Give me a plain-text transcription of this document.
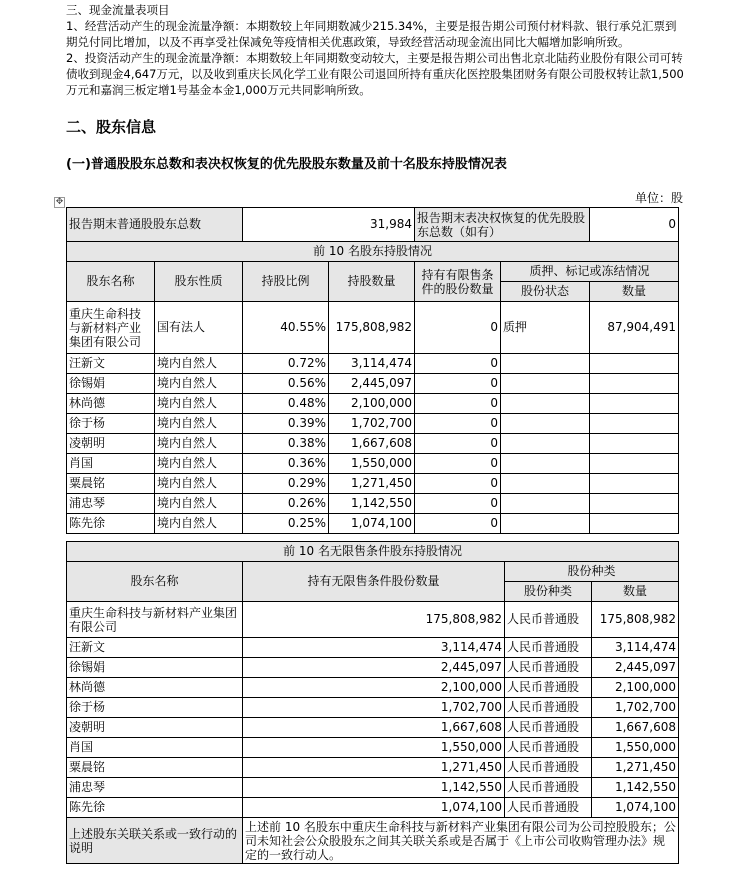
三、现金流量表项目

1、经营活动产生的现金流量净额：本期数较上年同期数减少215.34%，主要是报告期公司预付材料款、银行承兑汇票到期兑付同比增加，以及不再享受社保减免等疫情相关优惠政策，导致经营活动现金流出同比大幅增加影响所致。

2、投资活动产生的现金流量净额：本期数较上年同期数变动较大，主要是报告期公司出售北京北陆药业股份有限公司可转债收到现金4,647万元，以及收到重庆长风化学工业有限公司退回所持有重庆化医控股集团财务有限公司股权转让款1,500万元和嘉润三板定增1号基金本金1,000万元共同影响所致。

二、股东信息
(一)普通股股东总数和表决权恢复的优先股股东数量及前十名股东持股情况表
单位：股
✥
报告期末普通股股东总数		31,984		报告期末表决权恢复的优先股股东总数（如有）		0
前 10 名股东持股情况						
股东名称	股东性质	持股比例	持股数量	持有有限售条件的股份数量	质押、标记或冻结情况	
					股份状态	数量
重庆生命科技与新材料产业集团有限公司	国有法人	40.55%	175,808,982	0	质押	87,904,491
汪新文	境内自然人	0.72%	3,114,474	0		
徐锡娟	境内自然人	0.56%	2,445,097	0		
林尚德	境内自然人	0.48%	2,100,000	0		
徐于杨	境内自然人	0.39%	1,702,700	0		
凌朝明	境内自然人	0.38%	1,667,608	0		
肖国	境内自然人	0.36%	1,550,000	0		
粟晨铭	境内自然人	0.29%	1,271,450	0		
浦忠琴	境内自然人	0.26%	1,142,550	0		
陈先徐	境内自然人	0.25%	1,074,100	0		
前 10 名无限售条件股东持股情况			
股东名称	持有无限售条件股份数量	股份种类	
		股份种类	数量
重庆生命科技与新材料产业集团有限公司	175,808,982	人民币普通股	175,808,982
汪新文	3,114,474	人民币普通股	3,114,474
徐锡娟	2,445,097	人民币普通股	2,445,097
林尚德	2,100,000	人民币普通股	2,100,000
徐于杨	1,702,700	人民币普通股	1,702,700
凌朝明	1,667,608	人民币普通股	1,667,608
肖国	1,550,000	人民币普通股	1,550,000
粟晨铭	1,271,450	人民币普通股	1,271,450
浦忠琴	1,142,550	人民币普通股	1,142,550
陈先徐	1,074,100	人民币普通股	1,074,100
上述股东关联关系或一致行动的说明	上述前 10 名股东中重庆生命科技与新材料产业集团有限公司为公司控股股东；公司未知社会公众股股东之间其关联关系或是否属于《上市公司收购管理办法》规定的一致行动人。		
